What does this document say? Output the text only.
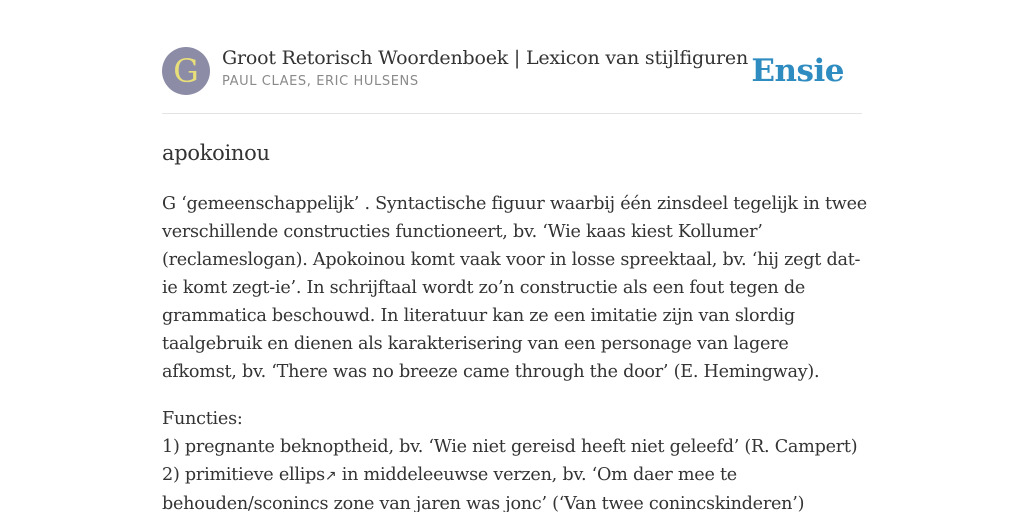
G	Groot Retorisch Woordenboek | Lexicon van stijlfiguren
PAUL CLAES, ERIC HULSENS	Ensie
apokoinou

G ‘gemeenschappelijk’ . Syntactische figuur waarbij één zinsdeel tegelijk in twee verschillende constructies functioneert, bv. ‘Wie kaas kiest Kollumer’ (reclameslogan). Apokoinou komt vaak voor in losse spreektaal, bv. ‘hij zegt dat-ie komt zegt-ie’. In schrijftaal wordt zo’n constructie als een fout tegen de grammatica beschouwd. In literatuur kan ze een imitatie zijn van slordig taalgebruik en dienen als karakterisering van een personage van lagere afkomst, bv. ‘There was no breeze came through the door’ (E. Hemingway).

Functies:
1) pregnante beknoptheid, bv. ‘Wie niet gereisd heeft niet geleefd’ (R. Campert)
2) primitieve ellips↗ in middeleeuwse verzen, bv. ‘Om daer mee te
behouden/sconincs zone van jaren was jonc’ (‘Van twee conincskinderen’)
